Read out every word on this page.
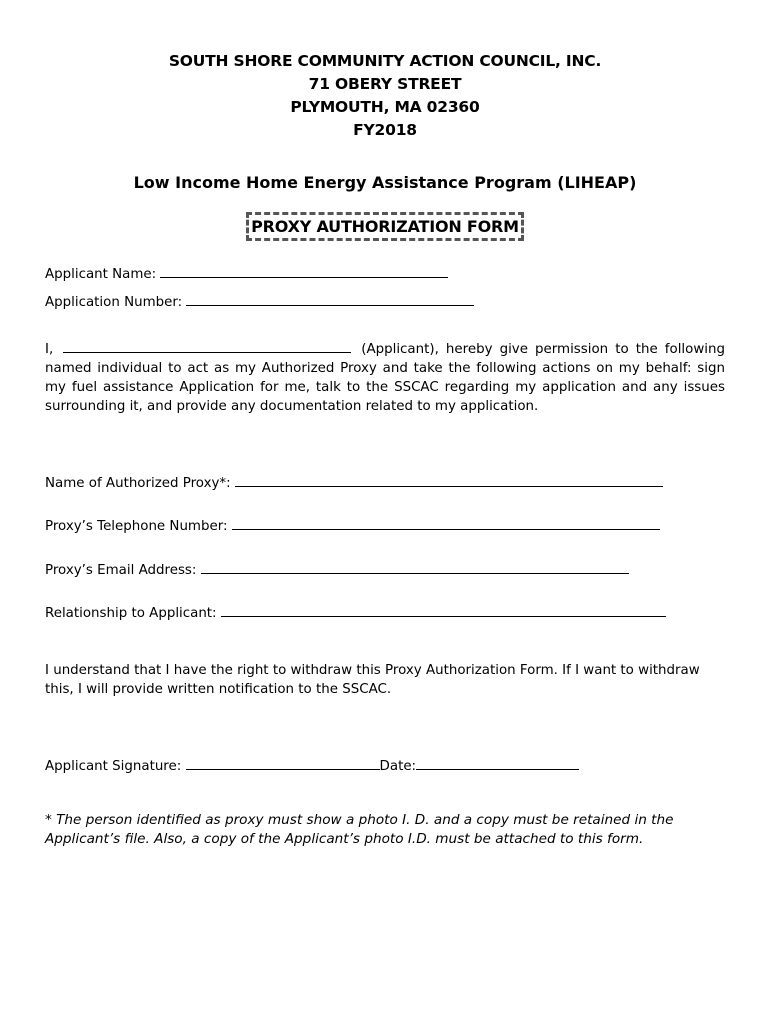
SOUTH SHORE COMMUNITY ACTION COUNCIL, INC.
71 OBERY STREET
PLYMOUTH, MA 02360
FY2018
Low Income Home Energy Assistance Program (LIHEAP)
PROXY AUTHORIZATION FORM
Applicant Name:
Application Number:
I,	(Applicant), hereby give permission to the following
named individual to act as my Authorized Proxy and take the following actions on my behalf: sign my fuel assistance Application for me, talk to the SSCAC regarding my application and any issues surrounding it, and provide any documentation related to my application.
Name of Authorized Proxy*:
Proxy’s Telephone Number:
Proxy’s Email Address:
Relationship to Applicant:
I understand that I have the right to withdraw this Proxy Authorization Form. If I want to withdraw this, I will provide written notification to the SSCAC.
Applicant Signature:	Date:
* The person identified as proxy must show a photo I. D. and a copy must be retained in the Applicant’s file. Also, a copy of the Applicant’s photo I.D. must be attached to this form.
